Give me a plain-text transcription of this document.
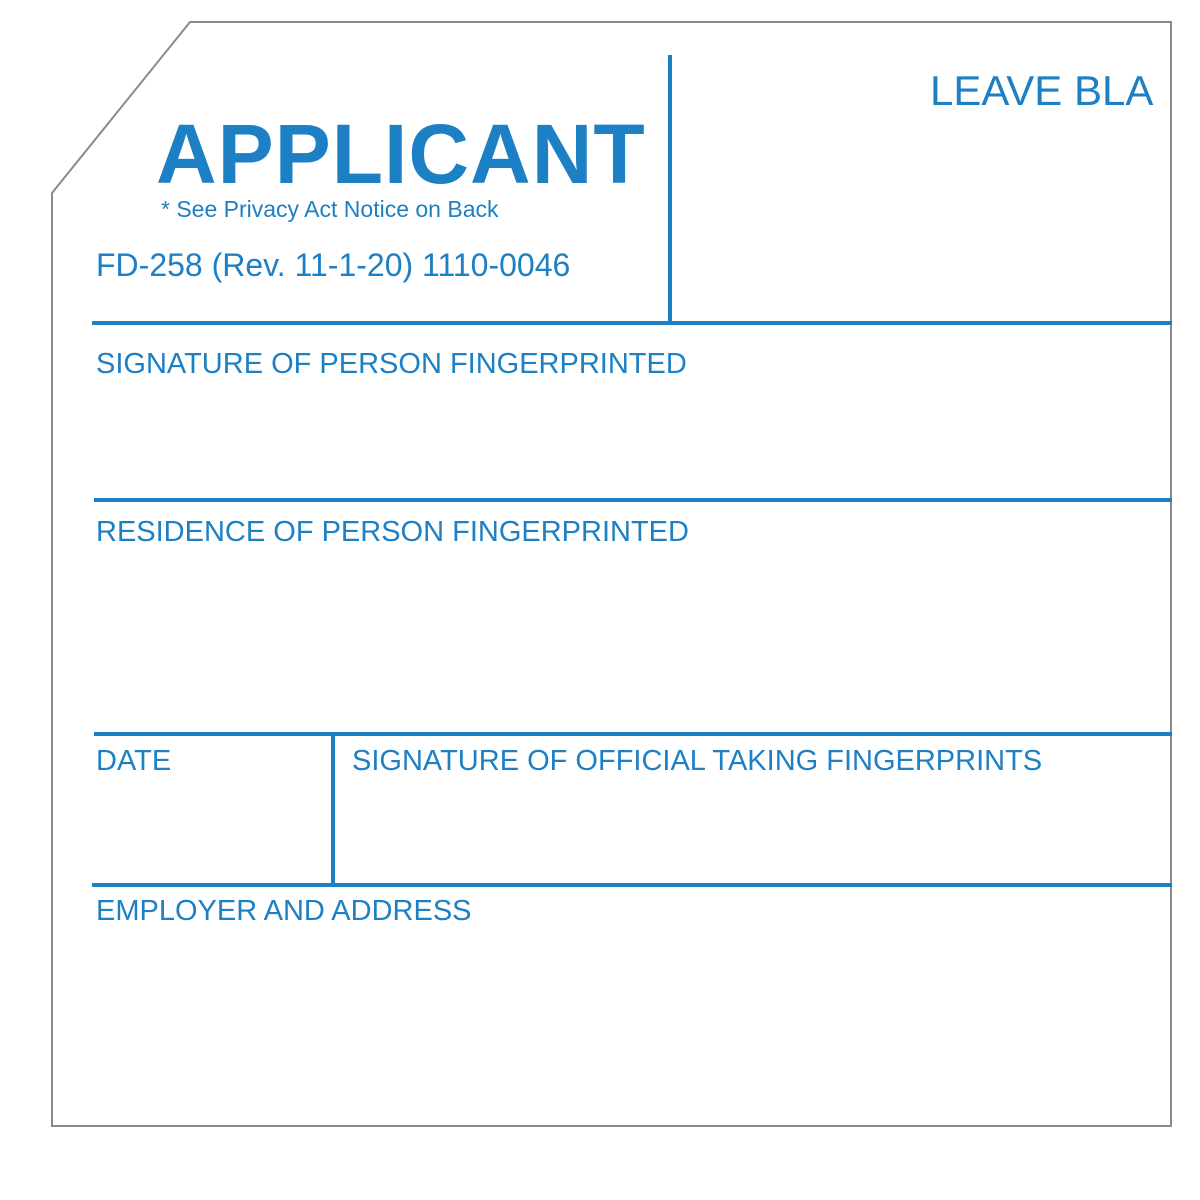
APPLICANT

* See Privacy Act Notice on Back

FD-258 (Rev. 11-1-20) 1110-0046

LEAVE BLA

SIGNATURE OF PERSON FINGERPRINTED
RESIDENCE OF PERSON FINGERPRINTED
DATE	SIGNATURE OF OFFICIAL TAKING FINGERPRINTS
EMPLOYER AND ADDRESS
